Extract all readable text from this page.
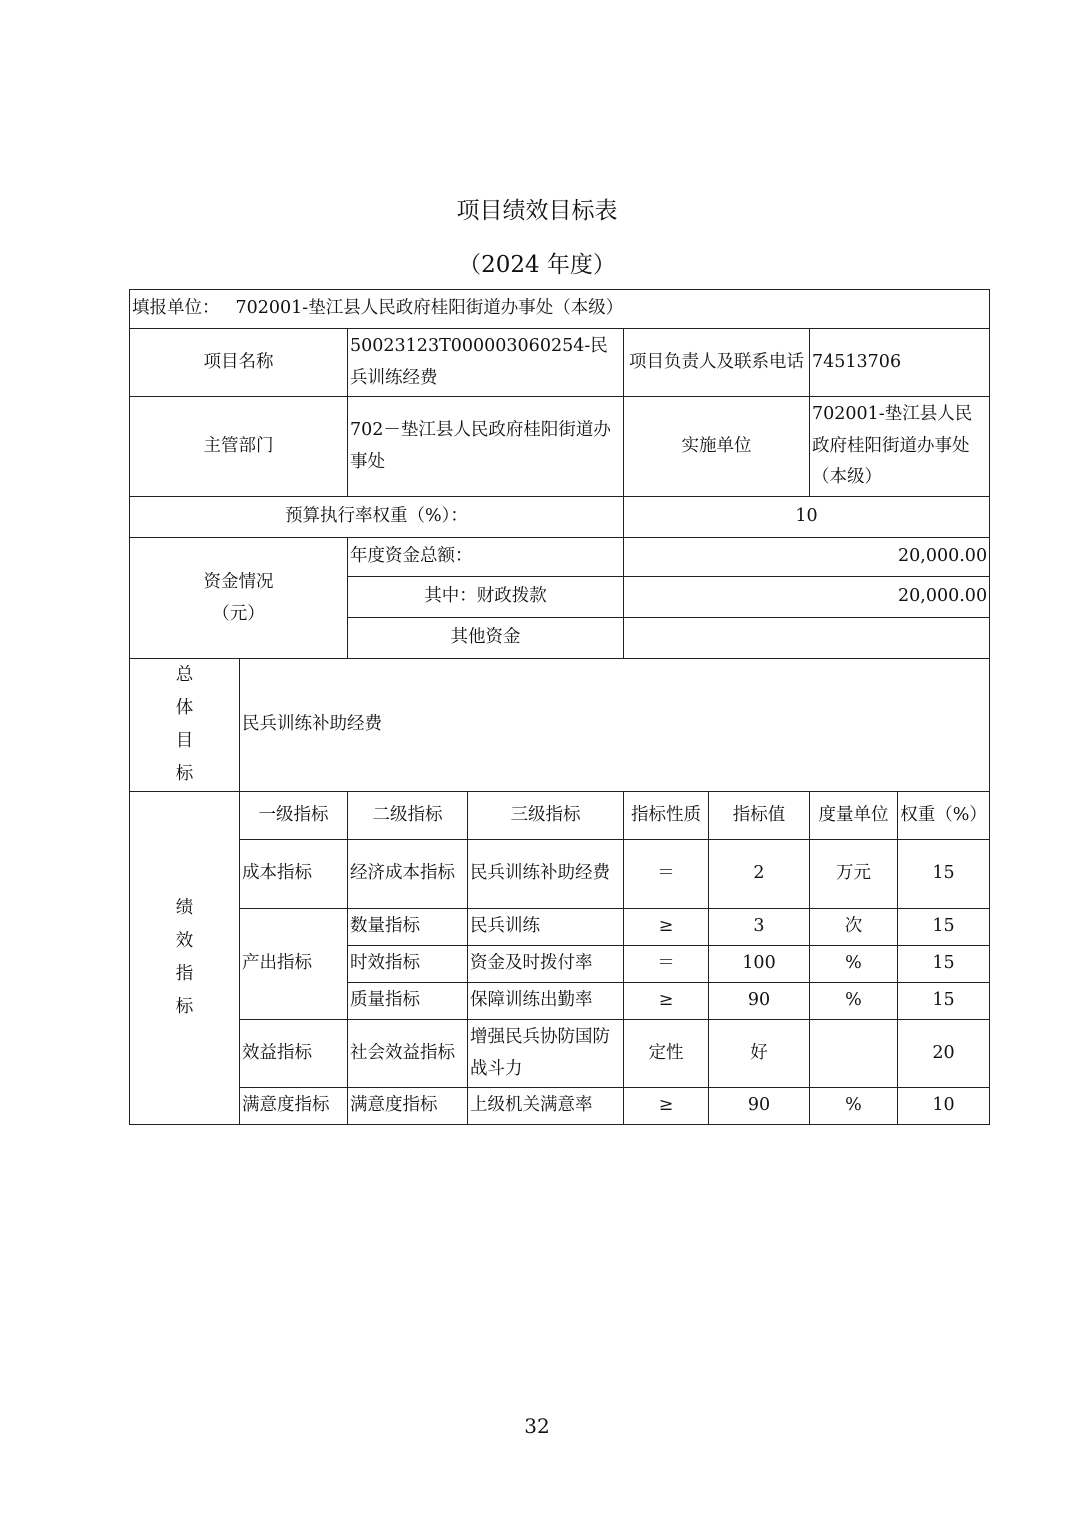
项目绩效目标表
（2024 年度）
填报单位： 702001-垫江县人民政府桂阳街道办事处（本级）							
项目名称		50023123T000003060254-民兵训练经费		项目负责人及联系电话		74513706	
主管部门		702－垫江县人民政府桂阳街道办事处		实施单位		702001-垫江县人民政府桂阳街道办事处（本级）	
预算执行率权重（%）：				10			
资金情况（元）		年度资金总额：		20,000.00			
		其中：财政拨款		20,000.00			
		其他资金					
总体目标	民兵训练补助经费						
绩效指标	一级指标	二级指标	三级指标	指标性质	指标值	度量单位	权重（%）
	成本指标	经济成本指标	民兵训练补助经费	＝	2	万元	15
	产出指标	数量指标	民兵训练	≥	3	次	15
		时效指标	资金及时拨付率	＝	100	%	15
		质量指标	保障训练出勤率	≥	90	%	15
	效益指标	社会效益指标	增强民兵协防国防战斗力	定性	好		20
	满意度指标	满意度指标	上级机关满意率	≥	90	%	10
32
